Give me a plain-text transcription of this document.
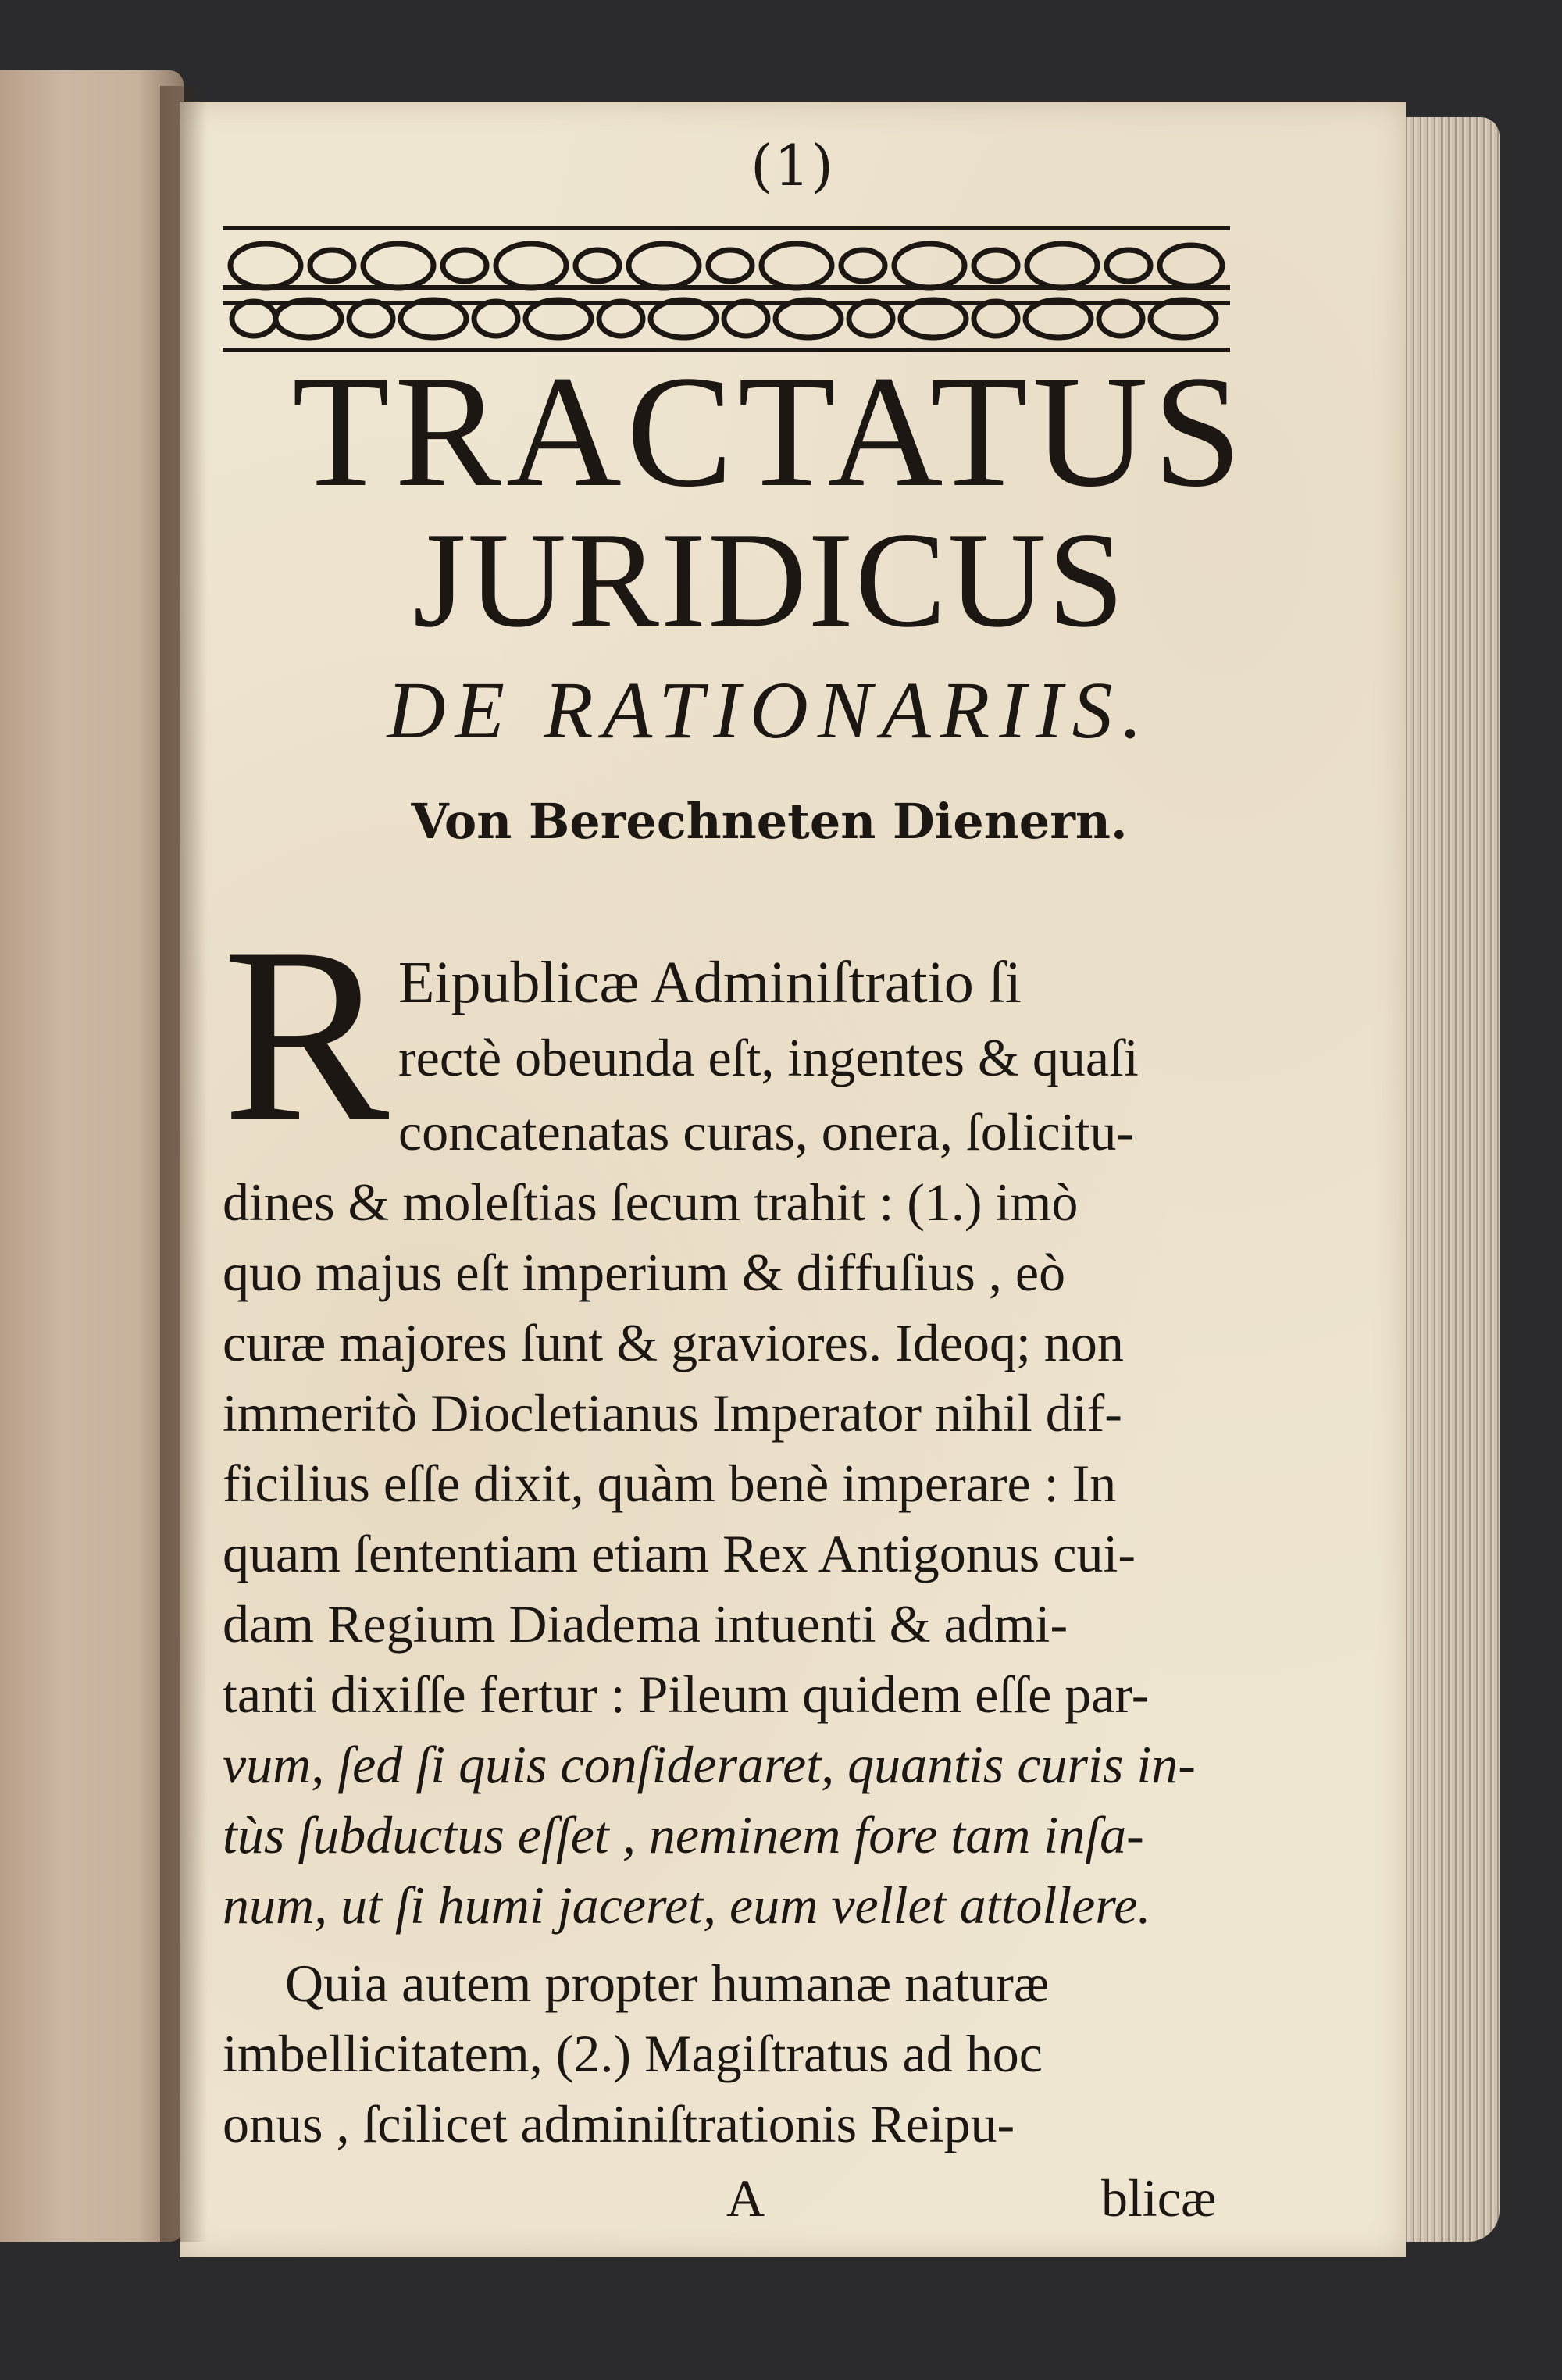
(1)
TRACTATUS
JURIDICUS
DE RATIONARIIS.
Von Berechneten Dienern.
R Eipublicæ Adminiſtratio ſi
rectè obeunda eſt, ingentes & quaſi
concatenatas curas, onera, ſolicitu-
dines & moleſtias ſecum trahit : (1.) imò
quo majus eſt imperium & diffuſius , eò
curæ majores ſunt & graviores. Ideoq; non
immeritò Diocletianus Imperator nihil dif-
ficilius eſſe dixit, quàm benè imperare : In
quam ſententiam etiam Rex Antigonus cui-
dam Regium Diadema intuenti & admi-
tanti dixiſſe fertur : Pileum quidem eſſe par-
vum, ſed ſi quis conſideraret, quantis curis in-
tùs ſubductus eſſet , neminem fore tam inſa-
num, ut ſi humi jaceret, eum vellet attollere.
Quia autem propter humanæ naturæ
imbellicitatem, (2.) Magiſtratus ad hoc
onus , ſcilicet adminiſtrationis Reipu-
A	blicæ
